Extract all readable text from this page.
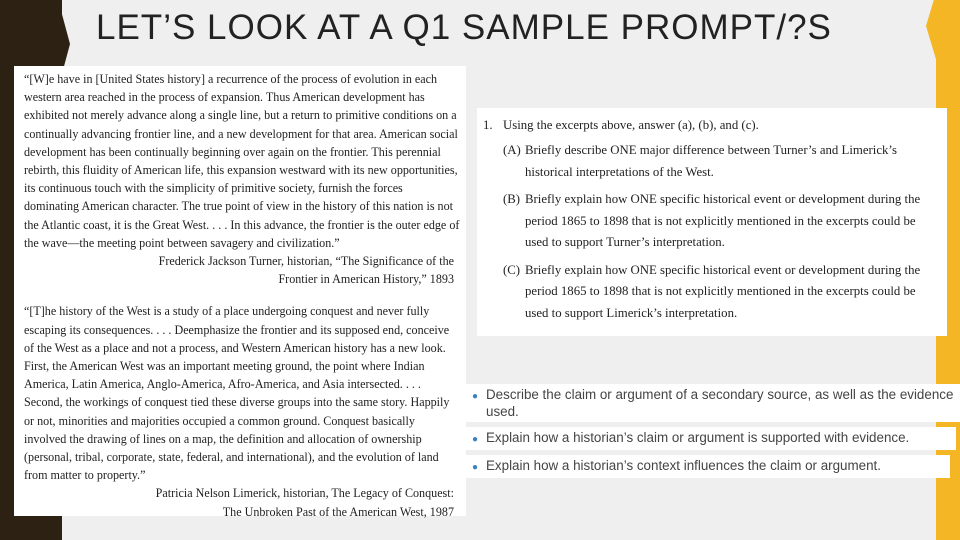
LET’S LOOK AT A Q1 SAMPLE PROMPT/?S

“[W]e have in [United States history] a recurrence of the process of evolution in each western area reached in the process of expansion. Thus American development has exhibited not merely advance along a single line, but a return to primitive conditions on a continually advancing frontier line, and a new development for that area. American social development has been continually beginning over again on the frontier. This perennial rebirth, this fluidity of American life, this expansion westward with its new opportunities, its continuous touch with the simplicity of primitive society, furnish the forces dominating American character. The true point of view in the history of this nation is not the Atlantic coast, it is the Great West. . . . In this advance, the frontier is the outer edge of the wave—the meeting point between savagery and civilization.”

Frederick Jackson Turner, historian, “The Significance of the
Frontier in American History,” 1893

“[T]he history of the West is a study of a place undergoing conquest and never fully escaping its consequences. . . . Deemphasize the frontier and its supposed end, conceive of the West as a place and not a process, and Western American history has a new look. First, the American West was an important meeting ground, the point where Indian America, Latin America, Anglo-America, Afro-America, and Asia intersected. . . . Second, the workings of conquest tied these diverse groups into the same story. Happily or not, minorities and majorities occupied a common ground. Conquest basically involved the drawing of lines on a map, the definition and allocation of ownership (personal, tribal, corporate, state, federal, and international), and the evolution of land from matter to property.”

Patricia Nelson Limerick, historian, The Legacy of Conquest:
The Unbroken Past of the American West, 1987
1. Using the excerpts above, answer (a), (b), and (c).
(A) Briefly describe ONE major difference between Turner’s and Limerick’s historical interpretations of the West.
(B) Briefly explain how ONE specific historical event or development during the period 1865 to 1898 that is not explicitly mentioned in the excerpts could be used to support Turner’s interpretation.
(C) Briefly explain how ONE specific historical event or development during the period 1865 to 1898 that is not explicitly mentioned in the excerpts could be used to support Limerick’s interpretation.
● Describe the claim or argument of a secondary source, as well as the evidence used.
● Explain how a historian’s claim or argument is supported with evidence.
● Explain how a historian’s context influences the claim or argument.
